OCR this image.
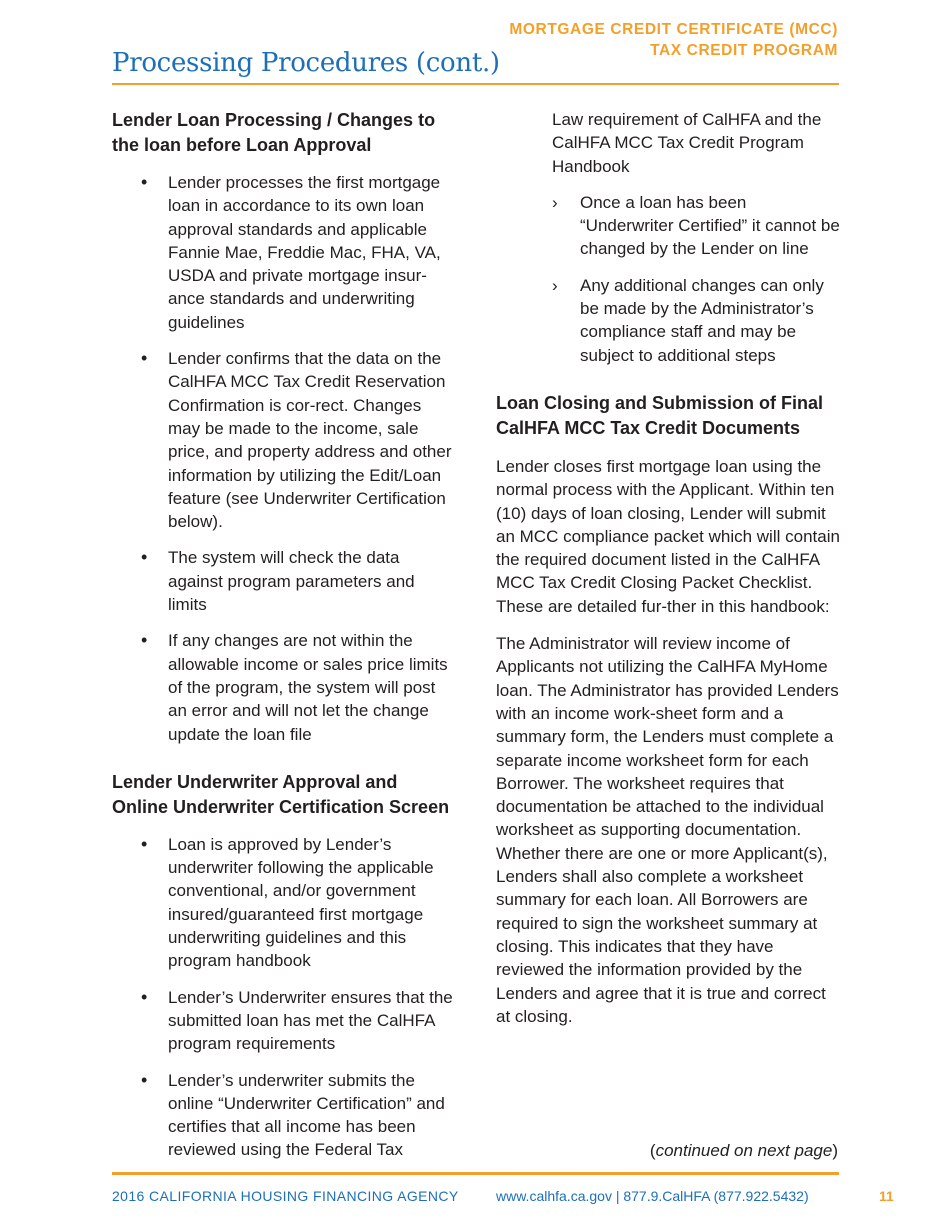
MORTGAGE CREDIT CERTIFICATE (MCC)
TAX CREDIT PROGRAM
Processing Procedures (cont.)
Lender Loan Processing / Changes to
the loan before Loan Approval
• Lender processes the first mortgage loan in accordance to its own loan approval standards and applicable Fannie Mae, Freddie Mac, FHA, VA, USDA and private mortgage insur-ance standards and underwriting guidelines
• Lender confirms that the data on the CalHFA MCC Tax Credit Reservation Confirmation is cor-rect. Changes may be made to the income, sale price, and property address and other information by utilizing the Edit/Loan feature (see Underwriter Certification below).
• The system will check the data against program parameters and limits
• If any changes are not within the allowable income or sales price limits of the program, the system will post an error and will not let the change update the loan file
Lender Underwriter Approval and
Online Underwriter Certification Screen
• Loan is approved by Lender’s underwriter following the applicable conventional, and/or government insured/guaranteed first mortgage underwriting guidelines and this program handbook
• Lender’s Underwriter ensures that the submitted loan has met the CalHFA program requirements
• Lender’s underwriter submits the online “Underwriter Certification” and certifies that all income has been reviewed using the Federal Tax
Law requirement of CalHFA and the CalHFA MCC Tax Credit Program Handbook
› Once a loan has been “Underwriter Certified” it cannot be changed by the Lender on line
› Any additional changes can only be made by the Administrator’s compliance staff and may be subject to additional steps
Loan Closing and Submission of Final
CalHFA MCC Tax Credit Documents

Lender closes first mortgage loan using the normal process with the Applicant. Within ten (10) days of loan closing, Lender will submit an MCC compliance packet which will contain the required document listed in the CalHFA MCC Tax Credit Closing Packet Checklist. These are detailed fur-ther in this handbook:

The Administrator will review income of Applicants not utilizing the CalHFA MyHome loan. The Administrator has provided Lenders with an income work-sheet form and a summary form, the Lenders must complete a separate income worksheet form for each Borrower. The worksheet requires that documentation be attached to the individual worksheet as supporting documentation. Whether there are one or more Applicant(s), Lenders shall also complete a worksheet summary for each loan. All Borrowers are required to sign the worksheet summary at closing. This indicates that they have reviewed the information provided by the Lenders and agree that it is true and correct at closing.

(continued on next page)
2016 CALIFORNIA HOUSING FINANCING AGENCY	www.calhfa.ca.gov | 877.9.CalHFA (877.922.5432)	11
